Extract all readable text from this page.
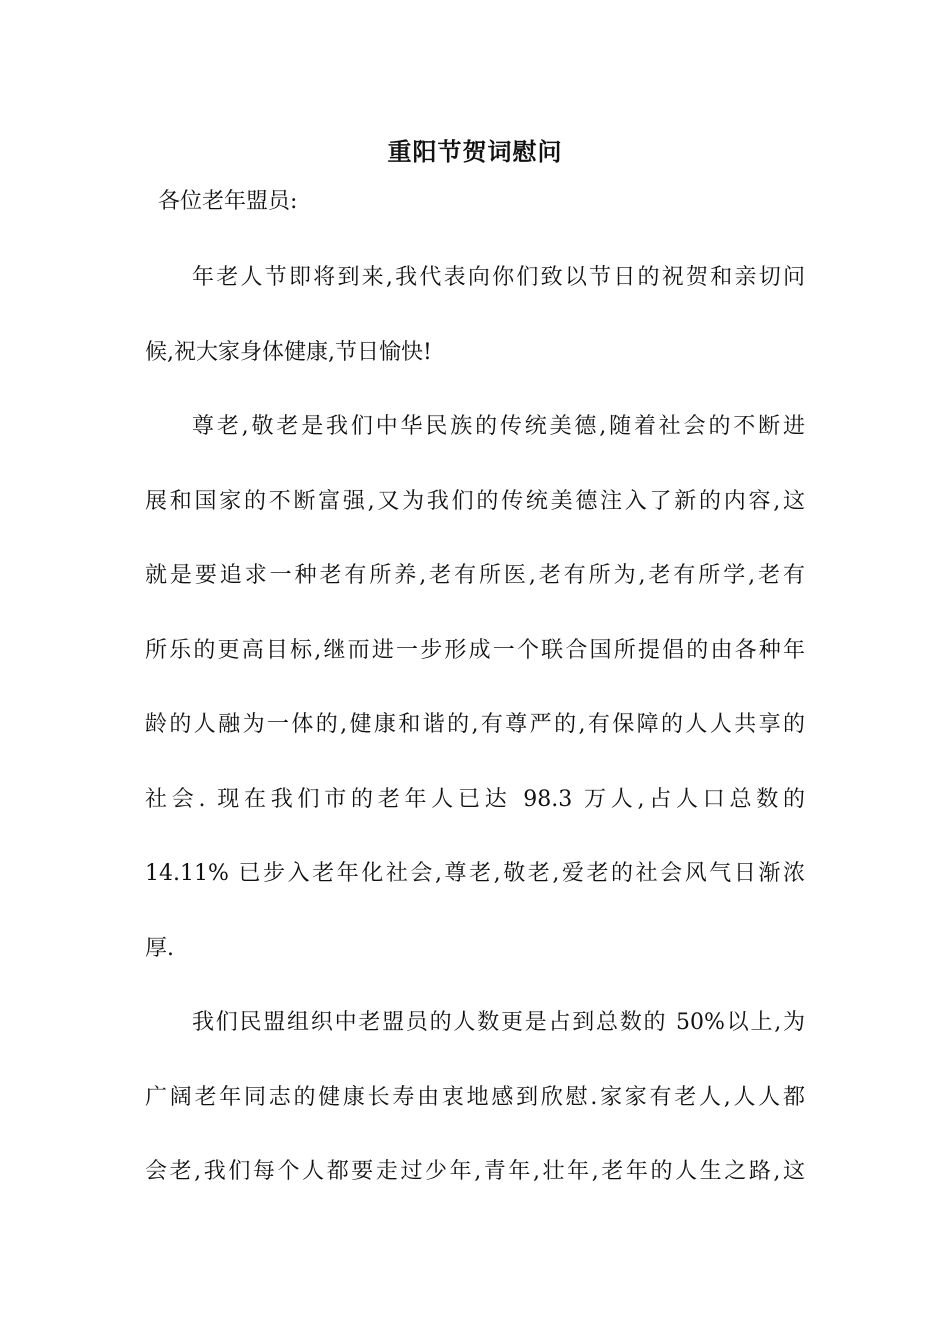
重阳节贺词慰问
各位老年盟员:
年老人节即将到来,我代表向你们致以节日的祝贺和亲切问
候,祝大家身体健康,节日愉快!
尊老,敬老是我们中华民族的传统美德,随着社会的不断进
展和国家的不断富强,又为我们的传统美德注入了新的内容,这
就是要追求一种老有所养,老有所医,老有所为,老有所学,老有
所乐的更高目标,继而进一步形成一个联合国所提倡的由各种年
龄的人融为一体的,健康和谐的,有尊严的,有保障的人人共享的
社会. 现在我们市的老年人已达 98.3 万人,占人口总数的
14.11% 已步入老年化社会,尊老,敬老,爱老的社会风气日渐浓
厚.
我们民盟组织中老盟员的人数更是占到总数的 50%以上,为
广阔老年同志的健康长寿由衷地感到欣慰.家家有老人,人人都
会老,我们每个人都要走过少年,青年,壮年,老年的人生之路,这
